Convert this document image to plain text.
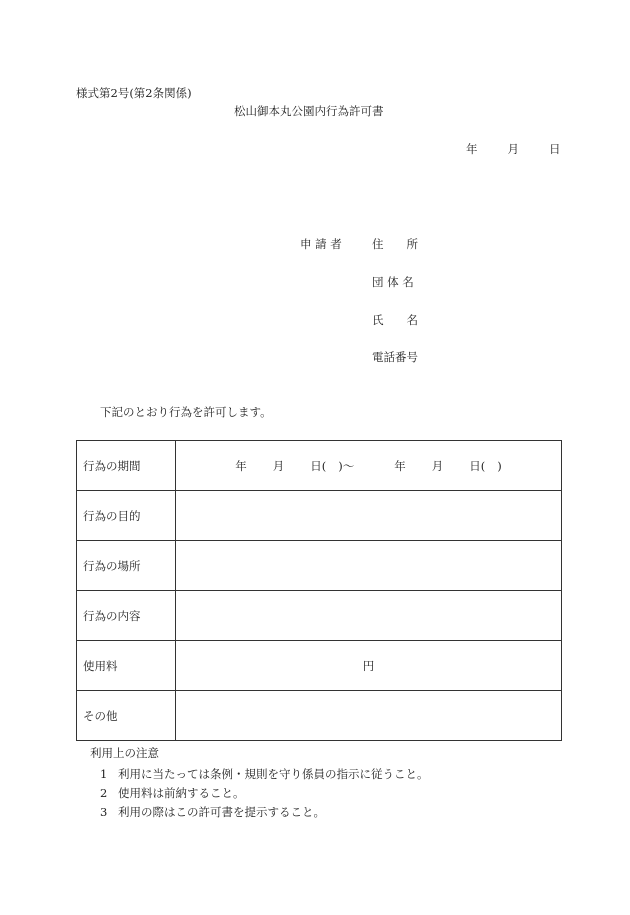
様式第2号(第2条関係)
松山御本丸公園内行為許可書
年	月	日
申 請 者	住　　所
団 体 名
氏　　名
電話番号
下記のとおり行為を許可します。
行為の期間	年 月 日( )〜 年 月 日( )
行為の目的	
行為の場所	
行為の内容	
使用料	円
その他	
利用上の注意
1 利用に当たっては条例・規則を守り係員の指示に従うこと。
2 使用料は前納すること。
3 利用の際はこの許可書を提示すること。
